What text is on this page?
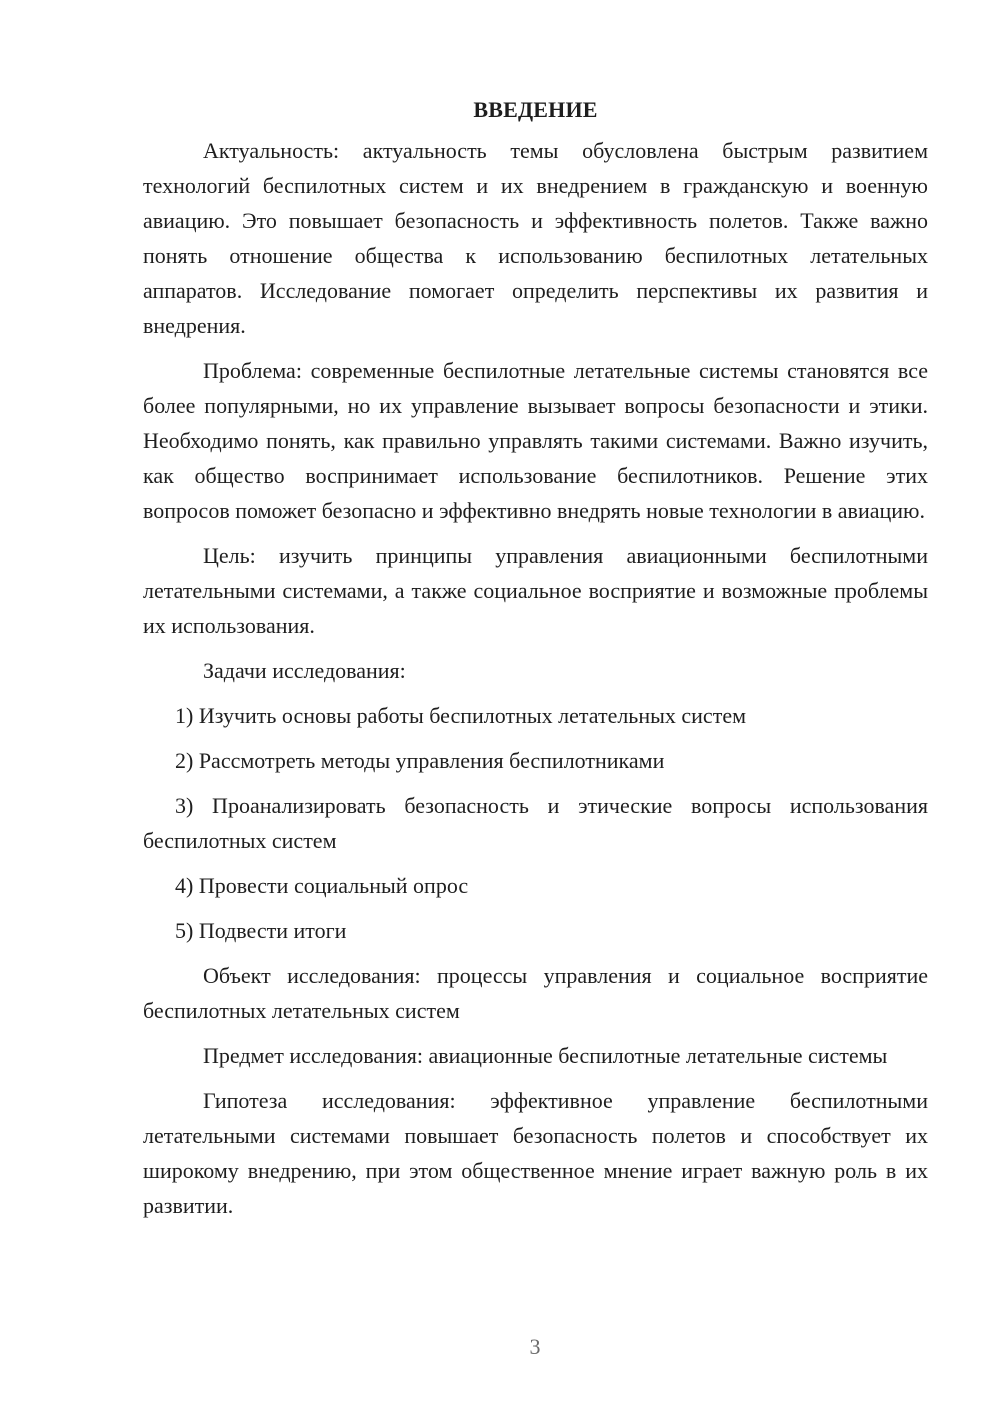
ВВЕДЕНИЕ

Актуальность: актуальность темы обусловлена быстрым развитием технологий беспилотных систем и их внедрением в гражданскую и военную авиацию. Это повышает безопасность и эффективность полетов. Также важно понять отношение общества к использованию беспилотных летательных аппаратов. Исследование помогает определить перспективы их развития и внедрения.

Проблема: современные беспилотные летательные системы становятся все более популярными, но их управление вызывает вопросы безопасности и этики. Необходимо понять, как правильно управлять такими системами. Важно изучить, как общество воспринимает использование беспилотников. Решение этих вопросов поможет безопасно и эффективно внедрять новые технологии в авиацию.

Цель: изучить принципы управления авиационными беспилотными летательными системами, а также социальное восприятие и возможные проблемы их использования.

Задачи исследования:

1) Изучить основы работы беспилотных летательных систем

2) Рассмотреть методы управления беспилотниками

3) Проанализировать безопасность и этические вопросы использования беспилотных систем

4) Провести социальный опрос

5) Подвести итоги

Объект исследования: процессы управления и социальное восприятие беспилотных летательных систем

Предмет исследования: авиационные беспилотные летательные системы

Гипотеза исследования: эффективное управление беспилотными летательными системами повышает безопасность полетов и способствует их широкому внедрению, при этом общественное мнение играет важную роль в их развитии.

3
